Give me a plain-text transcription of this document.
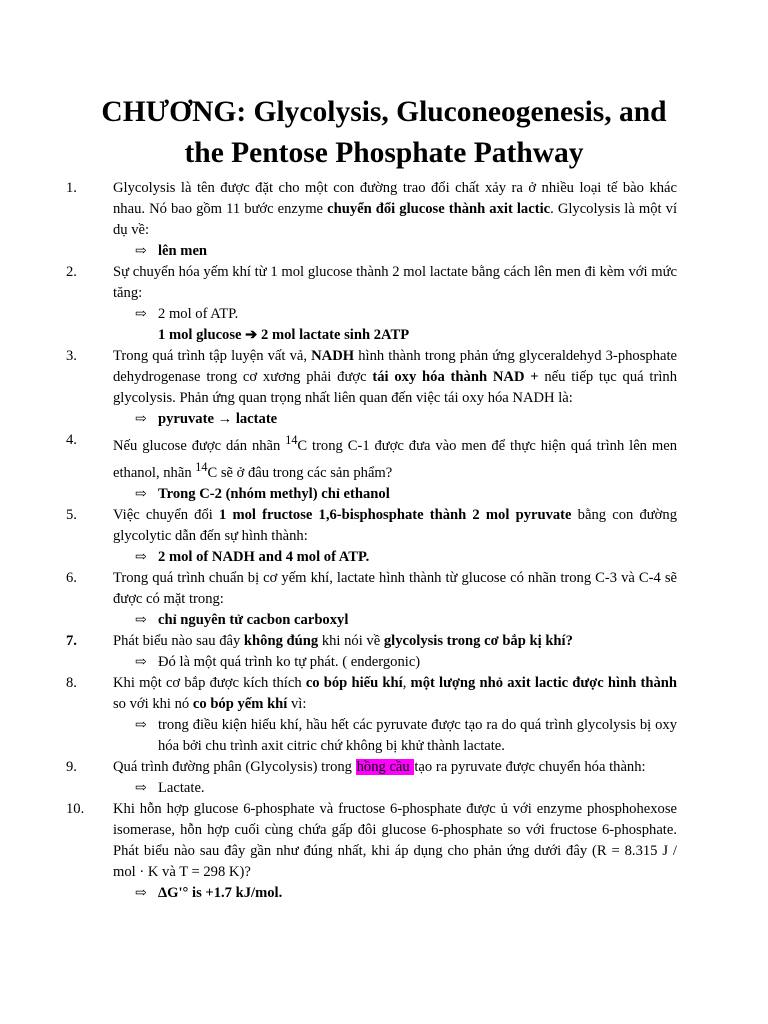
CHƯƠNG: Glycolysis, Gluconeogenesis, and
the Pentose Phosphate Pathway
1. Glycolysis là tên được đặt cho một con đường trao đổi chất xảy ra ở nhiều loại tế bào khác nhau. Nó bao gồm 11 bước enzyme chuyển đổi glucose thành axit lactic. Glycolysis là một ví dụ về:
⇨ lên men
2. Sự chuyển hóa yếm khí từ 1 mol glucose thành 2 mol lactate bằng cách lên men đi kèm với mức tăng:
⇨ 2 mol of ATP.
1 mol glucose ➔ 2 mol lactate sinh 2ATP
3. Trong quá trình tập luyện vất vả, NADH hình thành trong phản ứng glyceraldehyd 3-phosphate dehydrogenase trong cơ xương phải được tái oxy hóa thành NAD + nếu tiếp tục quá trình glycolysis. Phản ứng quan trọng nhất liên quan đến việc tái oxy hóa NADH là:
⇨ pyruvate → lactate
4. Nếu glucose được dán nhãn $^{14}$C trong C-1 được đưa vào men để thực hiện quá trình lên men ethanol, nhãn $^{14}$C sẽ ở đâu trong các sản phẩm?
⇨ Trong C-2 (nhóm methyl) chỉ ethanol
5. Việc chuyển đổi 1 mol fructose 1,6-bisphosphate thành 2 mol pyruvate bằng con đường glycolytic dẫn đến sự hình thành:
⇨ 2 mol of NADH and 4 mol of ATP.
6. Trong quá trình chuẩn bị cơ yếm khí, lactate hình thành từ glucose có nhãn trong C-3 và C-4 sẽ được có mặt trong:
⇨ chỉ nguyên tử cacbon carboxyl
7. Phát biểu nào sau đây không đúng khi nói về glycolysis trong cơ bắp kị khí?
⇨ Đó là một quá trình ko tự phát. ( endergonic)
8. Khi một cơ bắp được kích thích co bóp hiếu khí, một lượng nhỏ axit lactic được hình thành so với khi nó co bóp yếm khí vì:
⇨ trong điều kiện hiếu khí, hầu hết các pyruvate được tạo ra do quá trình glycolysis bị oxy hóa bởi chu trình axit citric chứ không bị khử thành lactate.
9. Quá trình đường phân (Glycolysis) trong hồng cầu tạo ra pyruvate được chuyển hóa thành:
⇨ Lactate.
10. Khi hỗn hợp glucose 6-phosphate và fructose 6-phosphate được ủ với enzyme phosphohexose isomerase, hỗn hợp cuối cùng chứa gấp đôi glucose 6-phosphate so với fructose 6-phosphate. Phát biểu nào sau đây gần như đúng nhất, khi áp dụng cho phản ứng dưới đây (R = 8.315 J / mol · K và T = 298 K)?
⇨ ΔG'° is +1.7 kJ/mol.
